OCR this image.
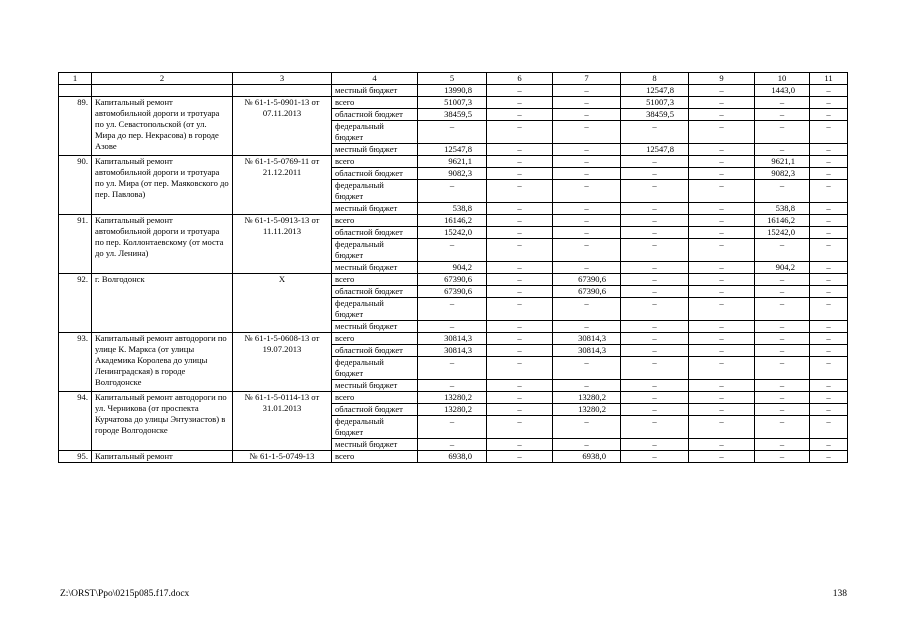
1	2	3	4	5	6	7	8	9	10	11
			местный бюджет	13990,8	–	–	12547,8	–	1443,0	–
89.	Капитальный ремонт автомобильной дороги и тротуара по ул. Севастопольской (от ул. Мира до пер. Некрасова) в городе Азове	№ 61-1-5-0901-13 от 07.11.2013	всего	51007,3	–	–	51007,3	–	–	–
			областной бюджет	38459,5	–	–	38459,5	–	–	–
			федеральный бюджет	–	–	–	–	–	–	–
			местный бюджет	12547,8	–	–	12547,8	–	–	–
90.	Капитальный ремонт автомобильной дороги и тротуара по ул. Мира (от пер. Маяковского до пер. Павлова)	№ 61-1-5-0769-11 от 21.12.2011	всего	9621,1	–	–	–	–	9621,1	–
			областной бюджет	9082,3	–	–	–	–	9082,3	–
			федеральный бюджет	–	–	–	–	–	–	–
			местный бюджет	538,8	–	–	–	–	538,8	–
91.	Капитальный ремонт автомобильной дороги и тротуара по пер. Коллонтаевскому (от моста до ул. Ленина)	№ 61-1-5-0913-13 от 11.11.2013	всего	16146,2	–	–	–	–	16146,2	–
			областной бюджет	15242,0	–	–	–	–	15242,0	–
			федеральный бюджет	–	–	–	–	–	–	–
			местный бюджет	904,2	–	–	–	–	904,2	–
92.	г. Волгодонск	Х	всего	67390,6	–	67390,6	–	–	–	–
			областной бюджет	67390,6	–	67390,6	–	–	–	–
			федеральный бюджет	–	–	–	–	–	–	–
			местный бюджет	–	–	–	–	–	–	–
93.	Капитальный ремонт автодороги по улице К. Маркса (от улицы Академика Королева до улицы Ленинградская) в городе Волгодонске	№ 61-1-5-0608-13 от 19.07.2013	всего	30814,3	–	30814,3	–	–	–	–
			областной бюджет	30814,3	–	30814,3	–	–	–	–
			федеральный бюджет	–	–	–	–	–	–	–
			местный бюджет	–	–	–	–	–	–	–
94.	Капитальный ремонт автодороги по ул. Черникова (от проспекта Курчатова до улицы Энтузиастов) в городе Волгодонске	№ 61-1-5-0114-13 от 31.01.2013	всего	13280,2	–	13280,2	–	–	–	–
			областной бюджет	13280,2	–	13280,2	–	–	–	–
			федеральный бюджет	–	–	–	–	–	–	–
			местный бюджет	–	–	–	–	–	–	–
95.	Капитальный ремонт	№ 61-1-5-0749-13	всего	6938,0	–	6938,0	–	–	–	–
Z:\ORST\Ppo\0215p085.f17.docx	138
